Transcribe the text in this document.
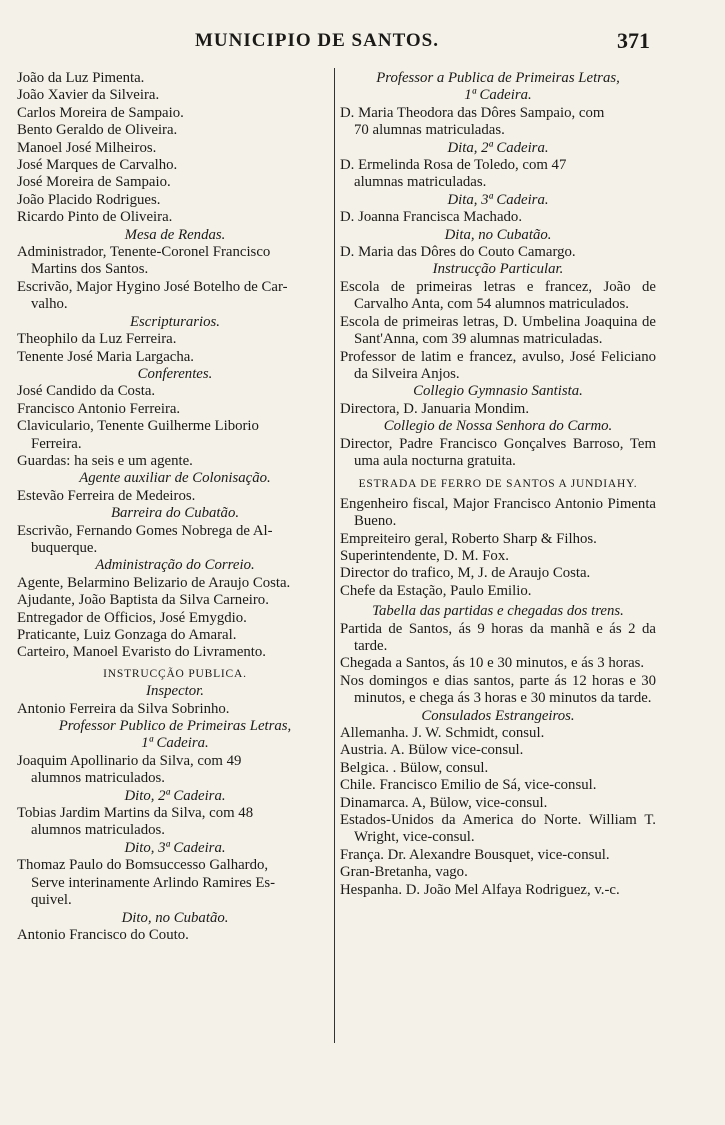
MUNICIPIO DE SANTOS.	371
João da Luz Pimenta.
João Xavier da Silveira.
Carlos Moreira de Sampaio.
Bento Geraldo de Oliveira.
Manoel José Milheiros.
José Marques de Carvalho.
José Moreira de Sampaio.
João Placido Rodrigues.
Ricardo Pinto de Oliveira.
Mesa de Rendas.
Administrador, Tenente-Coronel Francisco
Martins dos Santos.
Escrivão, Major Hygino José Botelho de Car-
valho.
Escripturarios.
Theophilo da Luz Ferreira.
Tenente José Maria Largacha.
Conferentes.
José Candido da Costa.
Francisco Antonio Ferreira.
Claviculario, Tenente Guilherme Liborio
Ferreira.
Guardas: ha seis e um agente.
Agente auxiliar de Colonisação.
Estevão Ferreira de Medeiros.
Barreira do Cubatão.
Escrivão, Fernando Gomes Nobrega de Al-
buquerque.
Administração do Correio.
Agente, Belarmino Belizario de Araujo Costa.
Ajudante, João Baptista da Silva Carneiro.
Entregador de Officios, José Emygdio.
Praticante, Luiz Gonzaga do Amaral.
Carteiro, Manoel Evaristo do Livramento.
INSTRUCÇÃO PUBLICA.
Inspector.
Antonio Ferreira da Silva Sobrinho.
Professor Publico de Primeiras Letras,
1ª Cadeira.
Joaquim Apollinario da Silva, com 49
alumnos matriculados.
Dito, 2ª Cadeira.
Tobias Jardim Martins da Silva, com 48
alumnos matriculados.
Dito, 3ª Cadeira.
Thomaz Paulo do Bomsuccesso Galhardo,
Serve interinamente Arlindo Ramires Es-
quivel.
Dito, no Cubatão.
Antonio Francisco do Couto.
Professor a Publica de Primeiras Letras,
1ª Cadeira.
D. Maria Theodora das Dôres Sampaio, com
70 alumnas matriculadas.
Dita, 2ª Cadeira.
D. Ermelinda Rosa de Toledo, com 47
alumnas matriculadas.
Dita, 3ª Cadeira.
D. Joanna Francisca Machado.
Dita, no Cubatão.
D. Maria das Dôres do Couto Camargo.
Instrucção Particular.
Escola de primeiras letras e francez, João de Carvalho Anta, com 54 alumnos matriculados.
Escola de primeiras letras, D. Umbelina Joaquina de Sant'Anna, com 39 alumnas matriculadas.
Professor de latim e francez, avulso, José Feliciano da Silveira Anjos.
Collegio Gymnasio Santista.
Directora, D. Januaria Mondim.
Collegio de Nossa Senhora do Carmo.
Director, Padre Francisco Gonçalves Barroso, Tem uma aula nocturna gratuita.
ESTRADA DE FERRO DE SANTOS A JUNDIAHY.
Engenheiro fiscal, Major Francisco Antonio Pimenta Bueno.
Empreiteiro geral, Roberto Sharp & Filhos.
Superintendente, D. M. Fox.
Director do trafico, M, J. de Araujo Costa.
Chefe da Estação, Paulo Emilio.
Tabella das partidas e chegadas dos trens.
Partida de Santos, ás 9 horas da manhã e ás 2 da tarde.
Chegada a Santos, ás 10 e 30 minutos, e ás 3 horas.
Nos domingos e dias santos, parte ás 12 horas e 30 minutos, e chega ás 3 horas e 30 minutos da tarde.
Consulados Estrangeiros.
Allemanha. J. W. Schmidt, consul.
Austria. A. Bülow vice-consul.
Belgica. . Bülow, consul.
Chile. Francisco Emilio de Sá, vice-consul.
Dinamarca. A, Bülow, vice-consul.
Estados-Unidos da America do Norte. William T. Wright, vice-consul.
França. Dr. Alexandre Bousquet, vice-consul.
Gran-Bretanha, vago.
Hespanha. D. João Mel Alfaya Rodriguez, v.-c.
